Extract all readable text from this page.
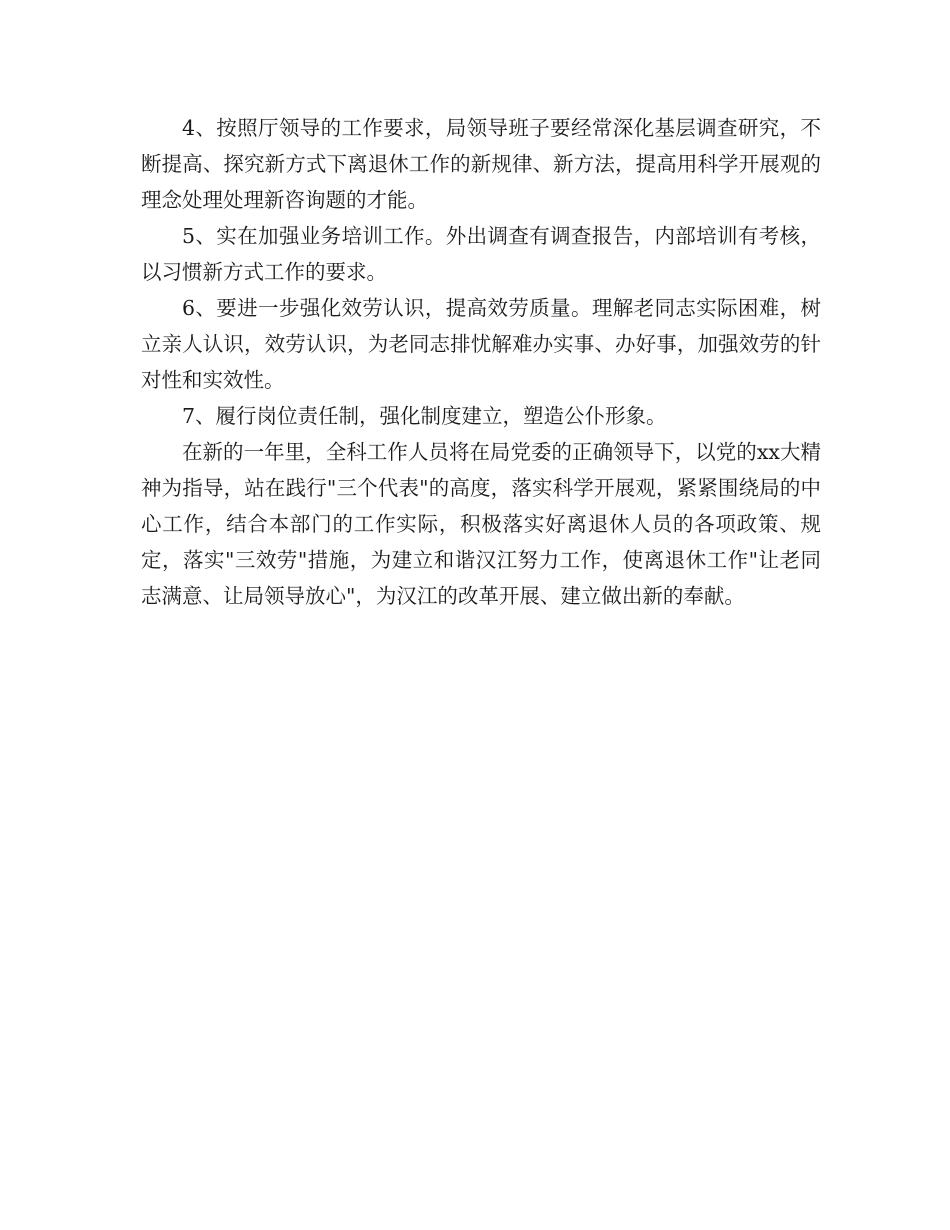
4、按照厅领导的工作要求，局领导班子要经常深化基层调查研究，不断提高、探究新方式下离退休工作的新规律、新方法，提高用科学开展观的理念处理处理新咨询题的才能。

5、实在加强业务培训工作。外出调查有调查报告，内部培训有考核，以习惯新方式工作的要求。

6、要进一步强化效劳认识，提高效劳质量。理解老同志实际困难，树立亲人认识，效劳认识，为老同志排忧解难办实事、办好事，加强效劳的针对性和实效性。

7、履行岗位责任制，强化制度建立，塑造公仆形象。

在新的一年里，全科工作人员将在局党委的正确领导下，以党的xx大精神为指导，站在践行"三个代表"的高度，落实科学开展观，紧紧围绕局的中心工作，结合本部门的工作实际，积极落实好离退休人员的各项政策、规定，落实"三效劳"措施，为建立和谐汉江努力工作，使离退休工作"让老同志满意、让局领导放心"，为汉江的改革开展、建立做出新的奉献。
